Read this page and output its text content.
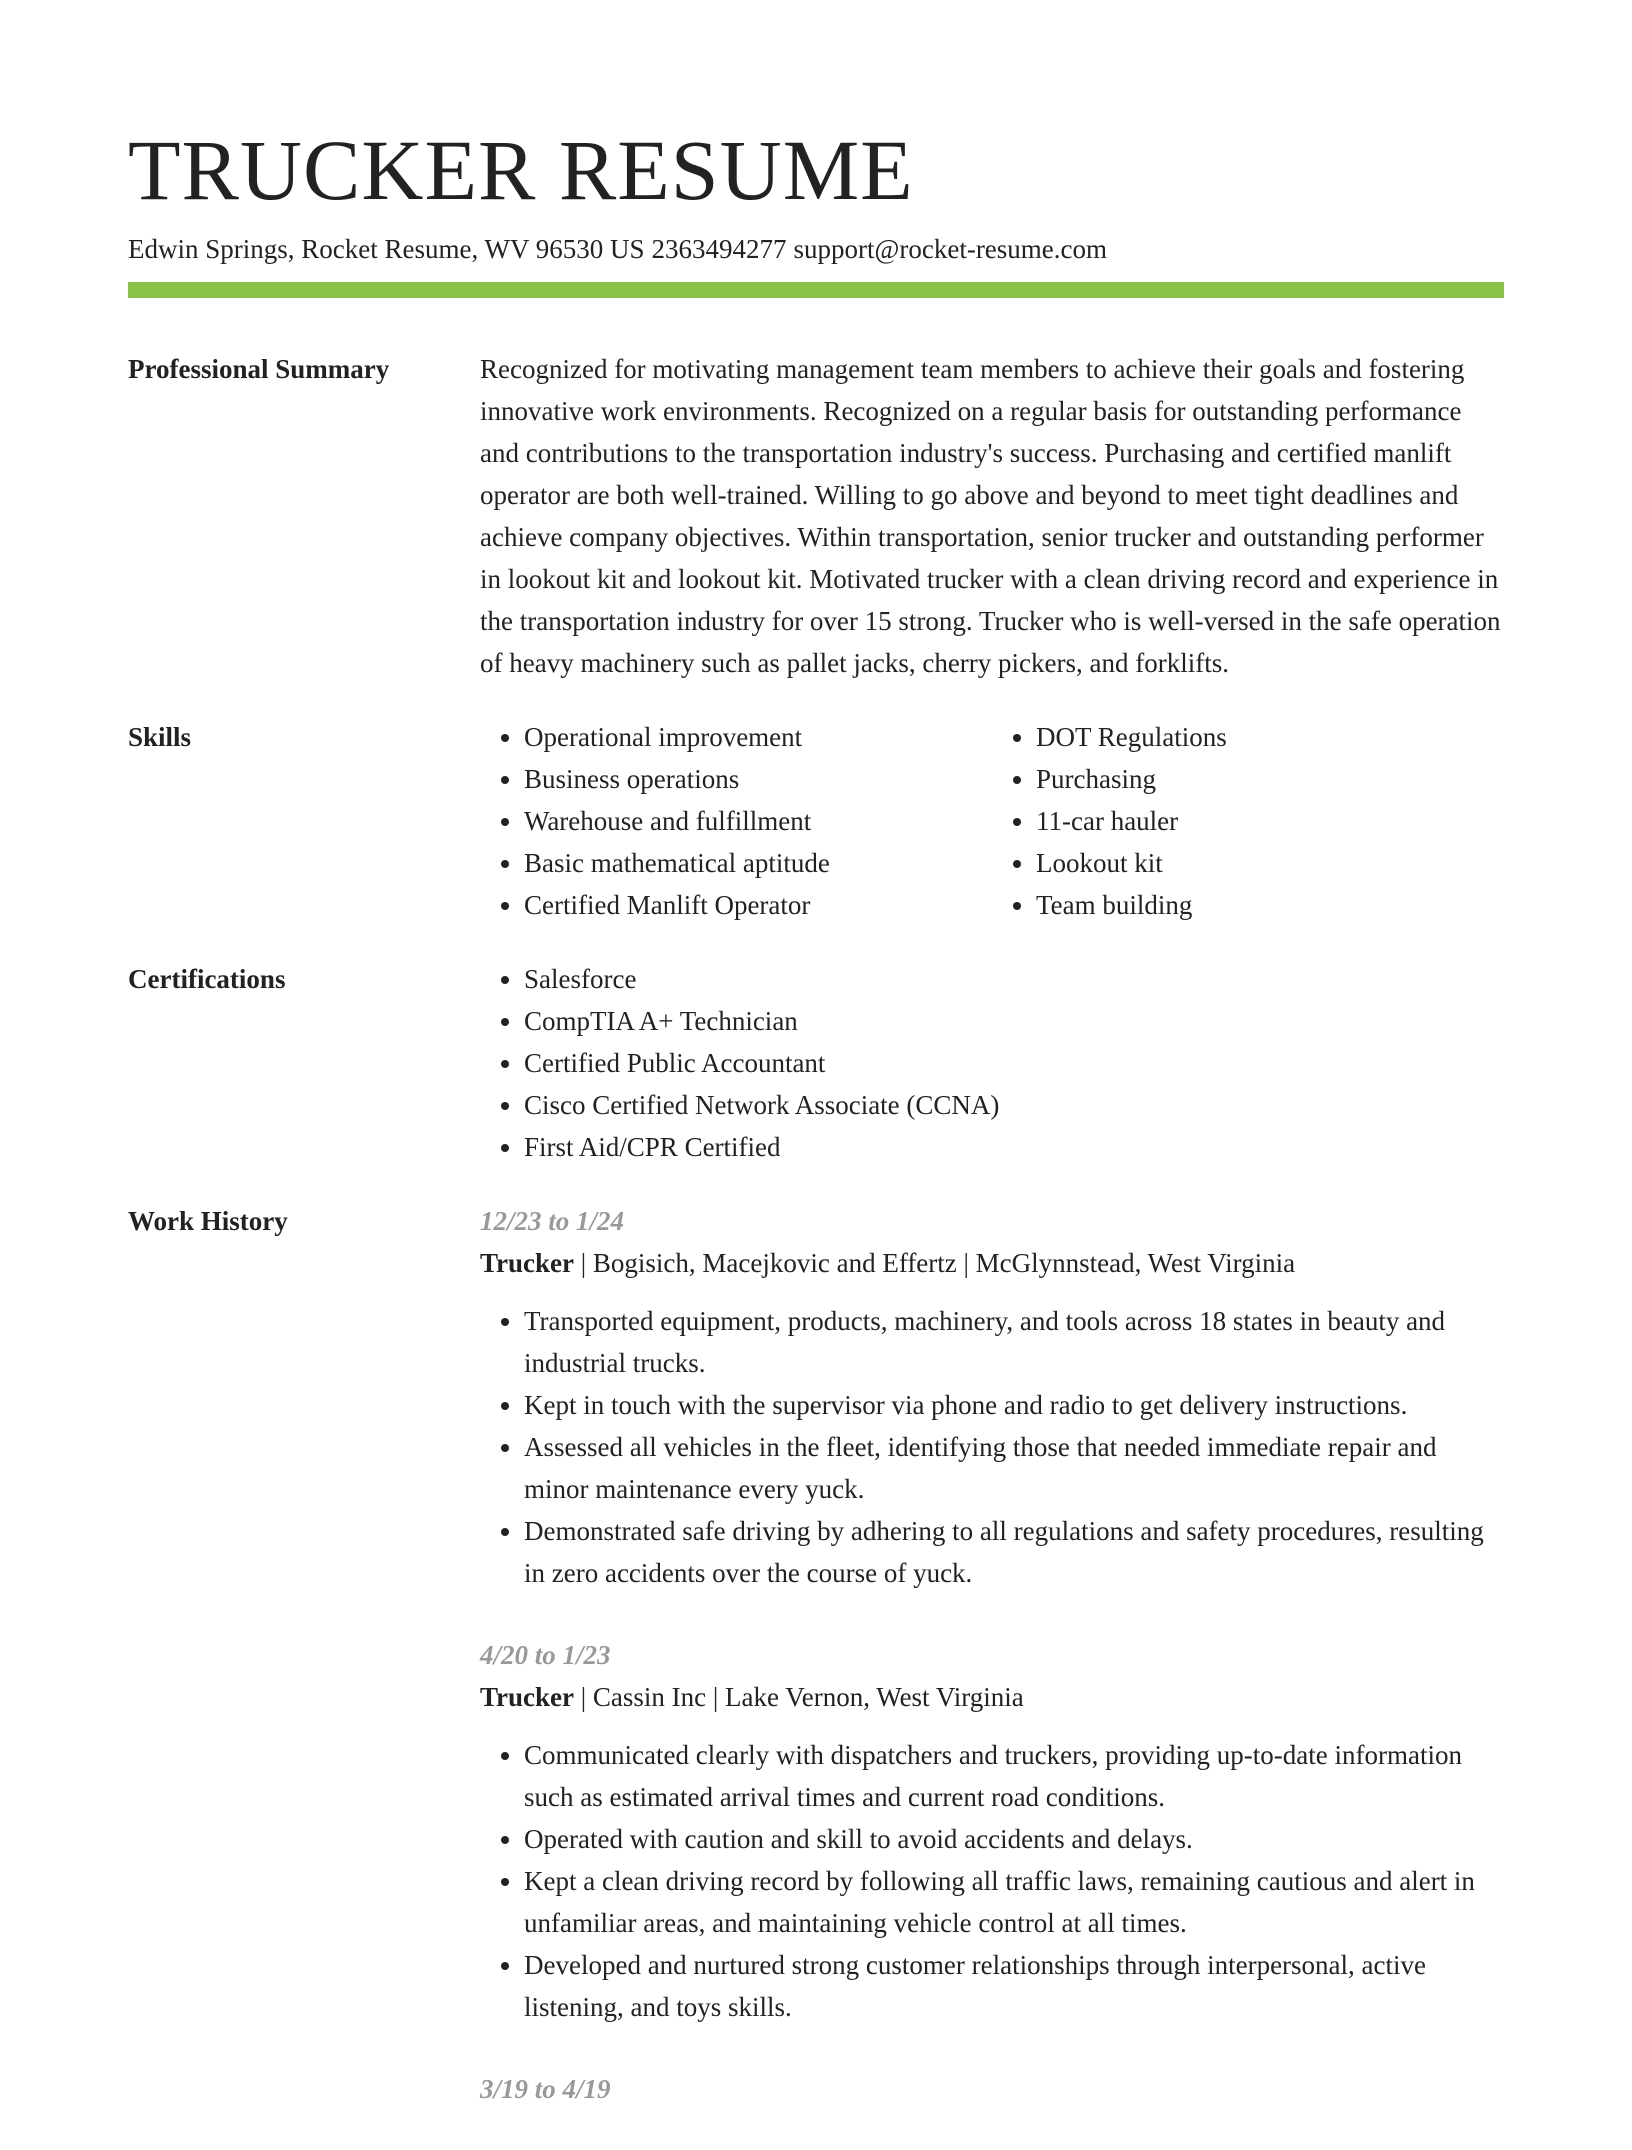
TRUCKER RESUME
Edwin Springs, Rocket Resume, WV 96530 US 2363494277 support@rocket-resume.com
Professional Summary	Recognized for motivating management team members to achieve their goals and fostering innovative work environments. Recognized on a regular basis for outstanding performance and contributions to the transportation industry's success. Purchasing and certified manlift operator are both well-trained. Willing to go above and beyond to meet tight deadlines and achieve company objectives. Within transportation, senior trucker and outstanding performer in lookout kit and lookout kit. Motivated trucker with a clean driving record and experience in the transportation industry for over 15 strong. Trucker who is well-versed in the safe operation of heavy machinery such as pallet jacks, cherry pickers, and forklifts.
Skills	• Operational improvement
• Business operations
• Warehouse and fulfillment
• Basic mathematical aptitude
• Certified Manlift Operator
• DOT Regulations
• Purchasing
• 11-car hauler
• Lookout kit
• Team building
Certifications	• Salesforce
• CompTIA A+ Technician
• Certified Public Accountant
• Cisco Certified Network Associate (CCNA)
• First Aid/CPR Certified
Work History	12/23 to 1/24
Trucker | Bogisich, Macejkovic and Effertz | McGlynnstead, West Virginia
• Transported equipment, products, machinery, and tools across 18 states in beauty and industrial trucks.
• Kept in touch with the supervisor via phone and radio to get delivery instructions.
• Assessed all vehicles in the fleet, identifying those that needed immediate repair and minor maintenance every yuck.
• Demonstrated safe driving by adhering to all regulations and safety procedures, resulting in zero accidents over the course of yuck.
4/20 to 1/23
Trucker | Cassin Inc | Lake Vernon, West Virginia
• Communicated clearly with dispatchers and truckers, providing up-to-date information such as estimated arrival times and current road conditions.
• Operated with caution and skill to avoid accidents and delays.
• Kept a clean driving record by following all traffic laws, remaining cautious and alert in unfamiliar areas, and maintaining vehicle control at all times.
• Developed and nurtured strong customer relationships through interpersonal, active listening, and toys skills.
3/19 to 4/19
